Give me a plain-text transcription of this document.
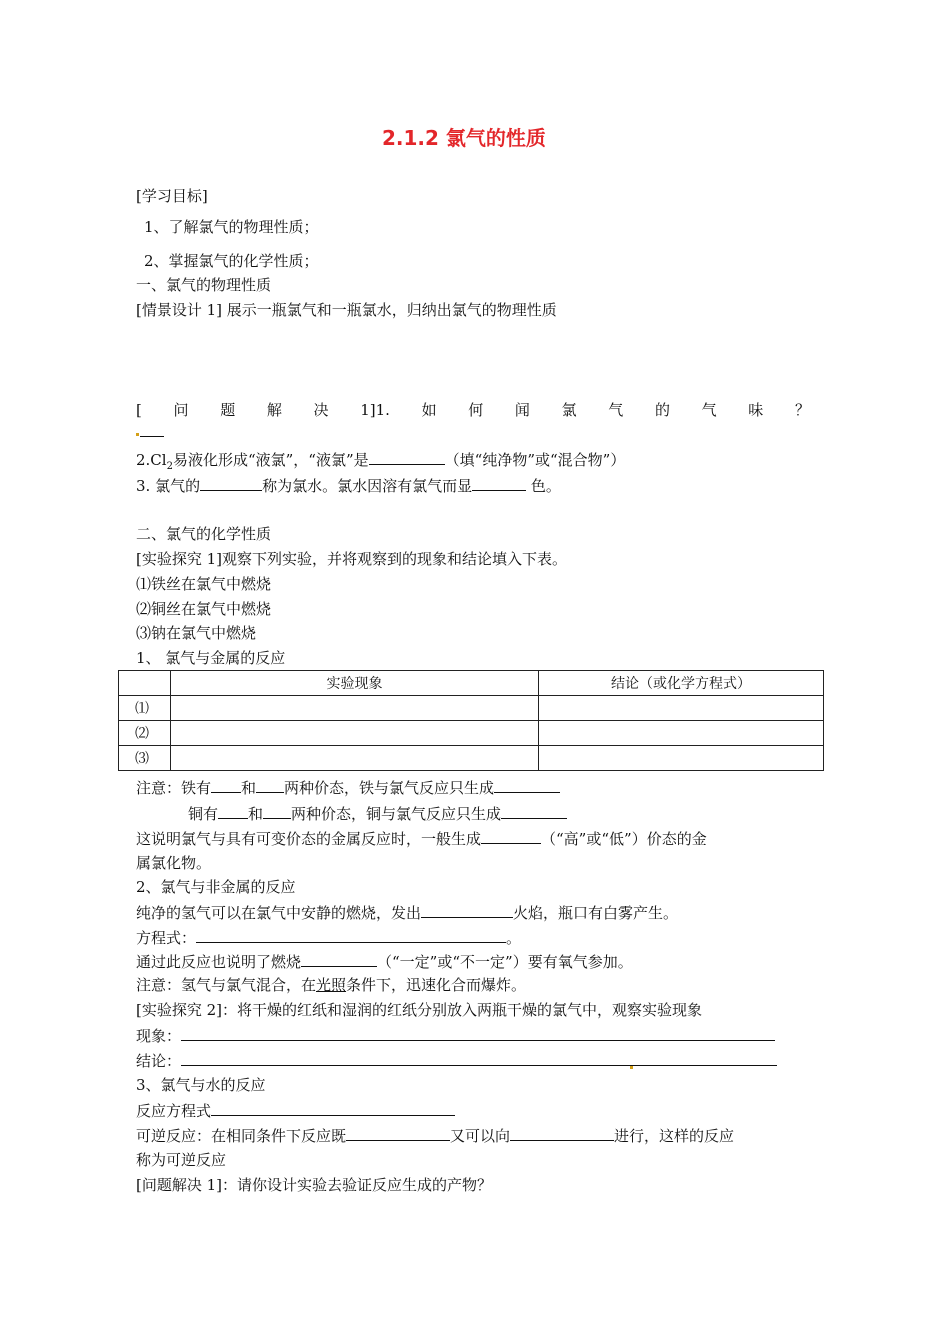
2.1.2 氯气的性质
[学习目标]
1、了解氯气的物理性质；
2、掌握氯气的化学性质；
一、氯气的物理性质
[情景设计 1] 展示一瓶氯气和一瓶氯水，归纳出氯气的物理性质
[ 问 题 解 决 1]1. 如 何 闻 氯 气 的 气 味 ？
$2.Cl_2$易液化形成“液氯”，“液氯”是	（填“纯净物”或“混合物”）
3. 氯气的	称为氯水。氯水因溶有氯气而显	色。
二、氯气的化学性质
[实验探究 1]观察下列实验，并将观察到的现象和结论填入下表。
⑴铁丝在氯气中燃烧
⑵铜丝在氯气中燃烧
⑶钠在氯气中燃烧
1、 氯气与金属的反应
	实验现象	结论（或化学方程式）
⑴		
⑵		
⑶		
注意：铁有 和 两种价态，铁与氯气反应只生成
铜有 和 两种价态，铜与氯气反应只生成
这说明氯气与具有可变价态的金属反应时，一般生成	（“高”或“低”）价态的金
属氯化物。
2、氯气与非金属的反应
纯净的氢气可以在氯气中安静的燃烧，发出	火焰，瓶口有白雾产生。
方程式：	。
通过此反应也说明了燃烧	（“一定”或“不一定”）要有氧气参加。
注意：氢气与氯气混合，在光照条件下，迅速化合而爆炸。
[实验探究 2]：将干燥的红纸和湿润的红纸分别放入两瓶干燥的氯气中，观察实验现象
现象：
结论：
3、氯气与水的反应
反应方程式
可逆反应：在相同条件下反应既	又可以向	进行，这样的反应
称为可逆反应
[问题解决 1]：请你设计实验去验证反应生成的产物？
